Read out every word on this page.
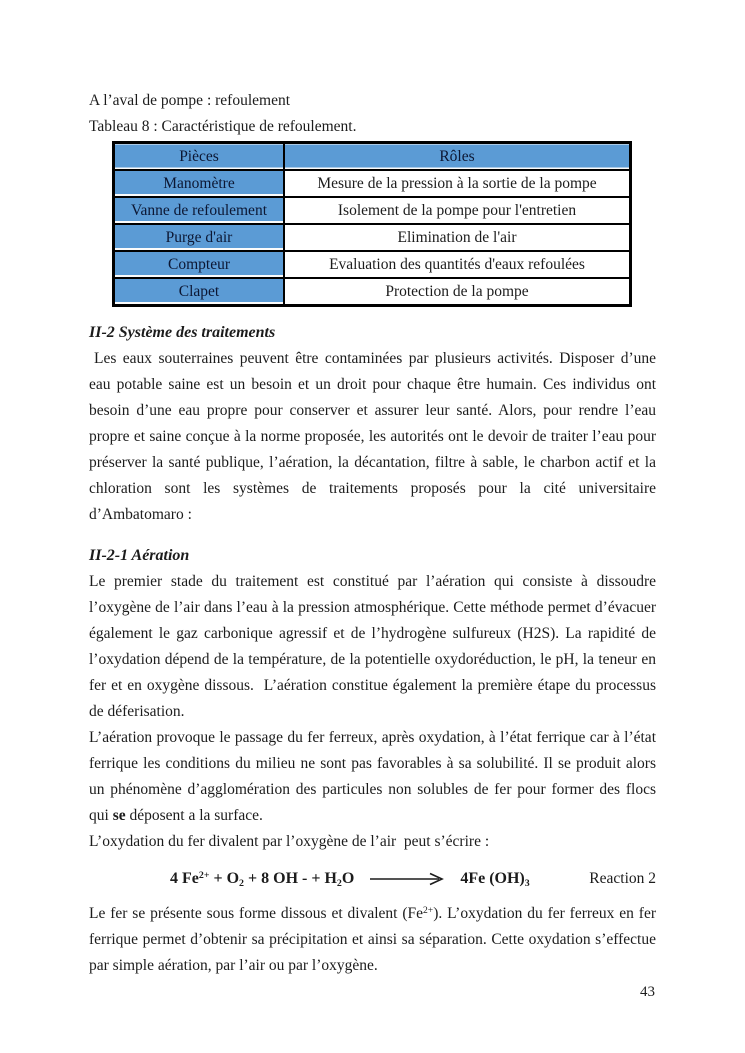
A l’aval de pompe : refoulement

Tableau 8 : Caractéristique de refoulement.

Pièces	Rôles
Manomètre	Mesure de la pression à la sortie de la pompe
Vanne de refoulement	Isolement de la pompe pour l'entretien
Purge d'air	Elimination de l'air
Compteur	Evaluation des quantités d'eaux refoulées
Clapet	Protection de la pompe
II-2 Système des traitements

Les eaux souterraines peuvent être contaminées par plusieurs activités. Disposer d’une eau potable saine est un besoin et un droit pour chaque être humain. Ces individus ont besoin d’une eau propre pour conserver et assurer leur santé. Alors, pour rendre l’eau propre et saine conçue à la norme proposée, les autorités ont le devoir de traiter l’eau pour préserver la santé publique, l’aération, la décantation, filtre à sable, le charbon actif et la chloration sont les systèmes de traitements proposés pour la cité universitaire d’Ambatomaro :

II-2-1 Aération

Le premier stade du traitement est constitué par l’aération qui consiste à dissoudre l’oxygène de l’air dans l’eau à la pression atmosphérique. Cette méthode permet d’évacuer également le gaz carbonique agressif et de l’hydrogène sulfureux (H2S). La rapidité de l’oxydation dépend de la température, de la potentielle oxydoréduction, le pH, la teneur en fer et en oxygène dissous.  L’aération constitue également la première étape du processus de déferisation.

L’aération provoque le passage du fer ferreux, après oxydation, à l’état ferrique car à l’état ferrique les conditions du milieu ne sont pas favorables à sa solubilité. Il se produit alors un phénomène d’agglomération des particules non solubles de fer pour former des flocs qui se déposent a la surface.

L’oxydation du fer divalent par l’oxygène de l’air  peut s’écrire :

4 $Fe^{2+} + O_2 + 8$ OH - + $H_2O$	4Fe $(OH)_3$	Reaction 2

Le fer se présente sous forme dissous et divalent $(Fe^{2+})$. L’oxydation du fer ferreux en fer ferrique permet d’obtenir sa précipitation et ainsi sa séparation. Cette oxydation s’effectue par simple aération, par l’air ou par l’oxygène.

43
